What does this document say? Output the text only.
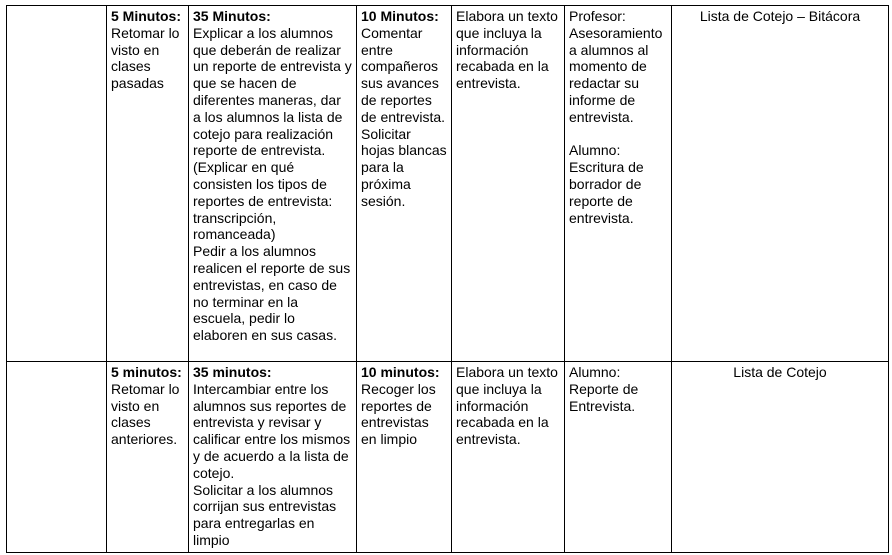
	5 Minutos:
Retomar lo visto en clases pasadas	35 Minutos:
Explicar a los alumnos que deberán de realizar un reporte de entrevista y que se hacen de diferentes maneras, dar a los alumnos la lista de cotejo para realización reporte de entrevista.
(Explicar en qué consisten los tipos de reportes de entrevista: transcripción, romanceada)
Pedir a los alumnos realicen el reporte de sus entrevistas, en caso de no terminar en la escuela, pedir lo elaboren en sus casas.	10 Minutos:
Comentar entre compañeros sus avances de reportes de entrevista. Solicitar hojas blancas para la próxima sesión.	Elabora un texto que incluya la información recabada en la entrevista.	Profesor: Asesoramiento a alumnos al momento de redactar su informe de entrevista.
Alumno: Escritura de borrador de reporte de entrevista.	Lista de Cotejo – Bitácora

	5 minutos:
Retomar lo visto en clases anteriores.	35 minutos:
Intercambiar entre los alumnos sus reportes de entrevista y revisar y calificar entre los mismos y de acuerdo a la lista de cotejo.
Solicitar a los alumnos corrijan sus entrevistas para entregarlas en limpio	10 minutos:
Recoger los reportes de entrevistas en limpio	Elabora un texto que incluya la información recabada en la entrevista.	Alumno: Reporte de Entrevista.	Lista de Cotejo
